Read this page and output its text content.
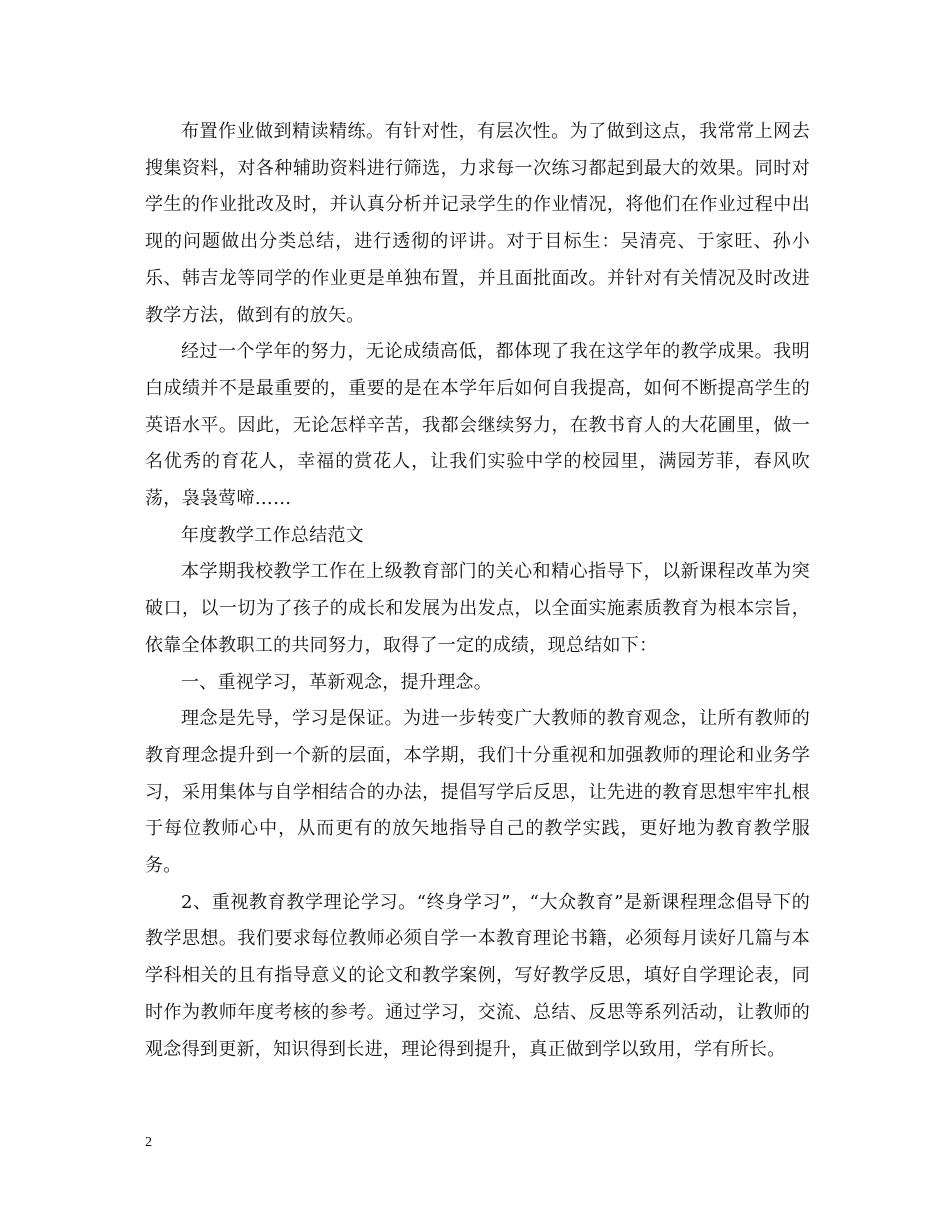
布置作业做到精读精练。有针对性，有层次性。为了做到这点，我常常上网去搜集资料，对各种辅助资料进行筛选，力求每一次练习都起到最大的效果。同时对学生的作业批改及时，并认真分析并记录学生的作业情况，将他们在作业过程中出现的问题做出分类总结，进行透彻的评讲。对于目标生：吴清亮、于家旺、孙小乐、韩吉龙等同学的作业更是单独布置，并且面批面改。并针对有关情况及时改进教学方法，做到有的放矢。

经过一个学年的努力，无论成绩高低，都体现了我在这学年的教学成果。我明白成绩并不是最重要的，重要的是在本学年后如何自我提高，如何不断提高学生的英语水平。因此，无论怎样辛苦，我都会继续努力，在教书育人的大花圃里，做一名优秀的育花人，幸福的赏花人，让我们实验中学的校园里，满园芳菲，春风吹荡，袅袅莺啼……

年度教学工作总结范文

本学期我校教学工作在上级教育部门的关心和精心指导下，以新课程改革为突破口，以一切为了孩子的成长和发展为出发点，以全面实施素质教育为根本宗旨，依靠全体教职工的共同努力，取得了一定的成绩，现总结如下：

一、重视学习，革新观念，提升理念。

理念是先导，学习是保证。为进一步转变广大教师的教育观念，让所有教师的教育理念提升到一个新的层面，本学期，我们十分重视和加强教师的理论和业务学习，采用集体与自学相结合的办法，提倡写学后反思，让先进的教育思想牢牢扎根于每位教师心中，从而更有的放矢地指导自己的教学实践，更好地为教育教学服务。

2、重视教育教学理论学习。“终身学习”，“大众教育”是新课程理念倡导下的教学思想。我们要求每位教师必须自学一本教育理论书籍，必须每月读好几篇与本学科相关的且有指导意义的论文和教学案例，写好教学反思，填好自学理论表，同时作为教师年度考核的参考。通过学习，交流、总结、反思等系列活动，让教师的观念得到更新，知识得到长进，理论得到提升，真正做到学以致用，学有所长。

2
